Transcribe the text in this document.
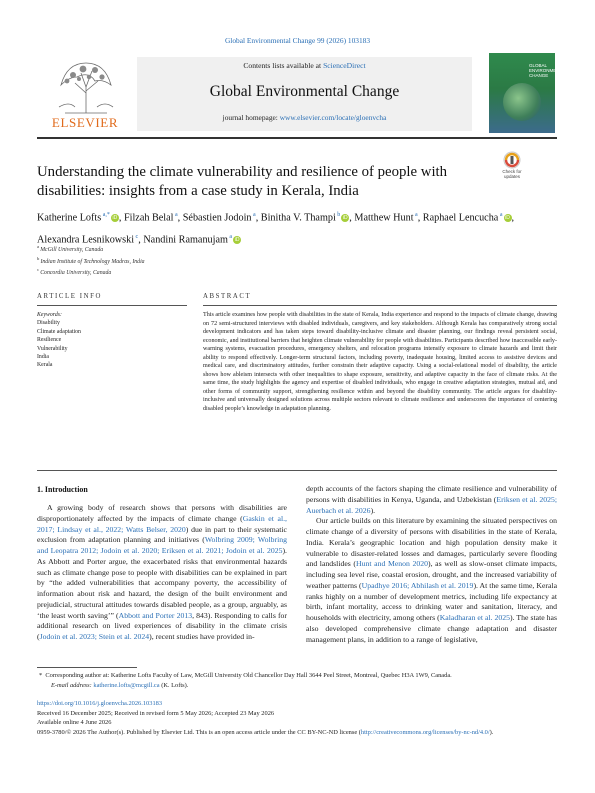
Global Environmental Change 99 (2026) 103183
ELSEVIER
Contents lists available at ScienceDirect
Global Environmental Change
journal homepage: www.elsevier.com/locate/gloenvcha
GLOBAL ENVIRONMENTAL CHANGE
Understanding the climate vulnerability and resilience of people with disabilities: insights from a case study in Kerala, India
Check for updates
Katherine Lofts $^{a,*}$iD , Filzah Belal $^a$, Sébastien Jodoin $^a$, Binitha V. Thampi $^b$iD , Matthew Hunt $^a$, Raphael Lencucha $^a$iD , Alexandra Lesnikowski $^c$, Nandini Ramanujam $^a$iD
$^a$ McGill University, Canada
$^b$ Indian Institute of Technology Madras, India
$^c$ Concordia University, Canada
ARTICLE INFO	ABSTRACT
Keywords:
Disability
Climate adaptation
Resilience
Vulnerability
India
Kerala
This article examines how people with disabilities in the state of Kerala, India experience and respond to the impacts of climate change, drawing on 72 semi-structured interviews with disabled individuals, caregivers, and key stakeholders. Although Kerala has comparatively strong social development indicators and has taken steps toward disability-inclusive climate and disaster planning, our findings reveal persistent social, economic, and institutional barriers that heighten climate vulnerability for people with disabilities. Participants described how inaccessible early-warning systems, evacuation procedures, emergency shelters, and relocation programs intensify exposure to climate hazards and limit their ability to respond effectively. Longer-term structural factors, including poverty, inadequate housing, limited access to assistive devices and medical care, and discriminatory attitudes, further constrain their adaptive capacity. Using a social-relational model of disability, the article shows how ableism intersects with other inequalities to shape exposure, sensitivity, and adaptive capacity in the face of climate risks. At the same time, the study highlights the agency and expertise of disabled individuals, who engage in creative adaptation strategies, mutual aid, and other forms of community support, strengthening resilience within and beyond the disability community. The article argues for disability-inclusive and universally designed solutions across multiple sectors relevant to climate resilience and underscores the importance of centering disabled people’s knowledge in adaptation planning.
1. Introduction
A growing body of research shows that persons with disabilities are disproportionately affected by the impacts of climate change (Gaskin et al., 2017; Lindsay et al., 2022; Watts Belser, 2020) due in part to their systematic exclusion from adaptation planning and initiatives (Wolbring 2009; Wolbring and Leopatra 2012; Jodoin et al. 2020; Eriksen et al. 2021; Jodoin et al. 2025). As Abbott and Porter argue, the exacerbated risks that environmental hazards such as climate change pose to people with disabilities can be explained in part by “the added vulnerabilities that accompany poverty, the accessibility of information about risk and hazard, the design of the built environment and prejudicial, structural attitudes towards disabled people, as a group, arguably, as ‘the least worth saving’” (Abbott and Porter 2013, 843). Responding to calls for additional research on lived experiences of disability in the climate crisis (Jodoin et al. 2023; Stein et al. 2024), recent studies have provided in-

depth accounts of the factors shaping the climate resilience and vulnerability of persons with disabilities in Kenya, Uganda, and Uzbekistan (Eriksen et al. 2025; Auerbach et al. 2026).

Our article builds on this literature by examining the situated perspectives on climate change of a diversity of persons with disabilities in the state of Kerala, India. Kerala’s geographic location and high population density make it vulnerable to disaster-related losses and damages, particularly severe flooding and landslides (Hunt and Menon 2020), as well as slow-onset climate impacts, including sea level rise, coastal erosion, drought, and the increased variability of weather patterns (Upadhye 2016; Abhilash et al. 2019). At the same time, Kerala ranks highly on a number of development metrics, including life expectancy at birth, infant mortality, access to drinking water and sanitation, literacy, and households with electricity, among others (Kaladharan et al. 2025). The state has also developed comprehensive climate change adaptation and disaster management plans, in addition to a range of legislative,

* Corresponding author at: Katherine Lofts Faculty of Law, McGill University Old Chancellor Day Hall 3644 Peel Street, Montreal, Quebec H3A 1W9, Canada.
E-mail address: katherine.lofts@mcgill.ca (K. Lofts).
https://doi.org/10.1016/j.gloenvcha.2026.103183
Received 16 December 2025; Received in revised form 5 May 2026; Accepted 23 May 2026
Available online 4 June 2026
0959-3780/© 2026 The Author(s). Published by Elsevier Ltd. This is an open access article under the CC BY-NC-ND license (http://creativecommons.org/licenses/by-nc-nd/4.0/).
